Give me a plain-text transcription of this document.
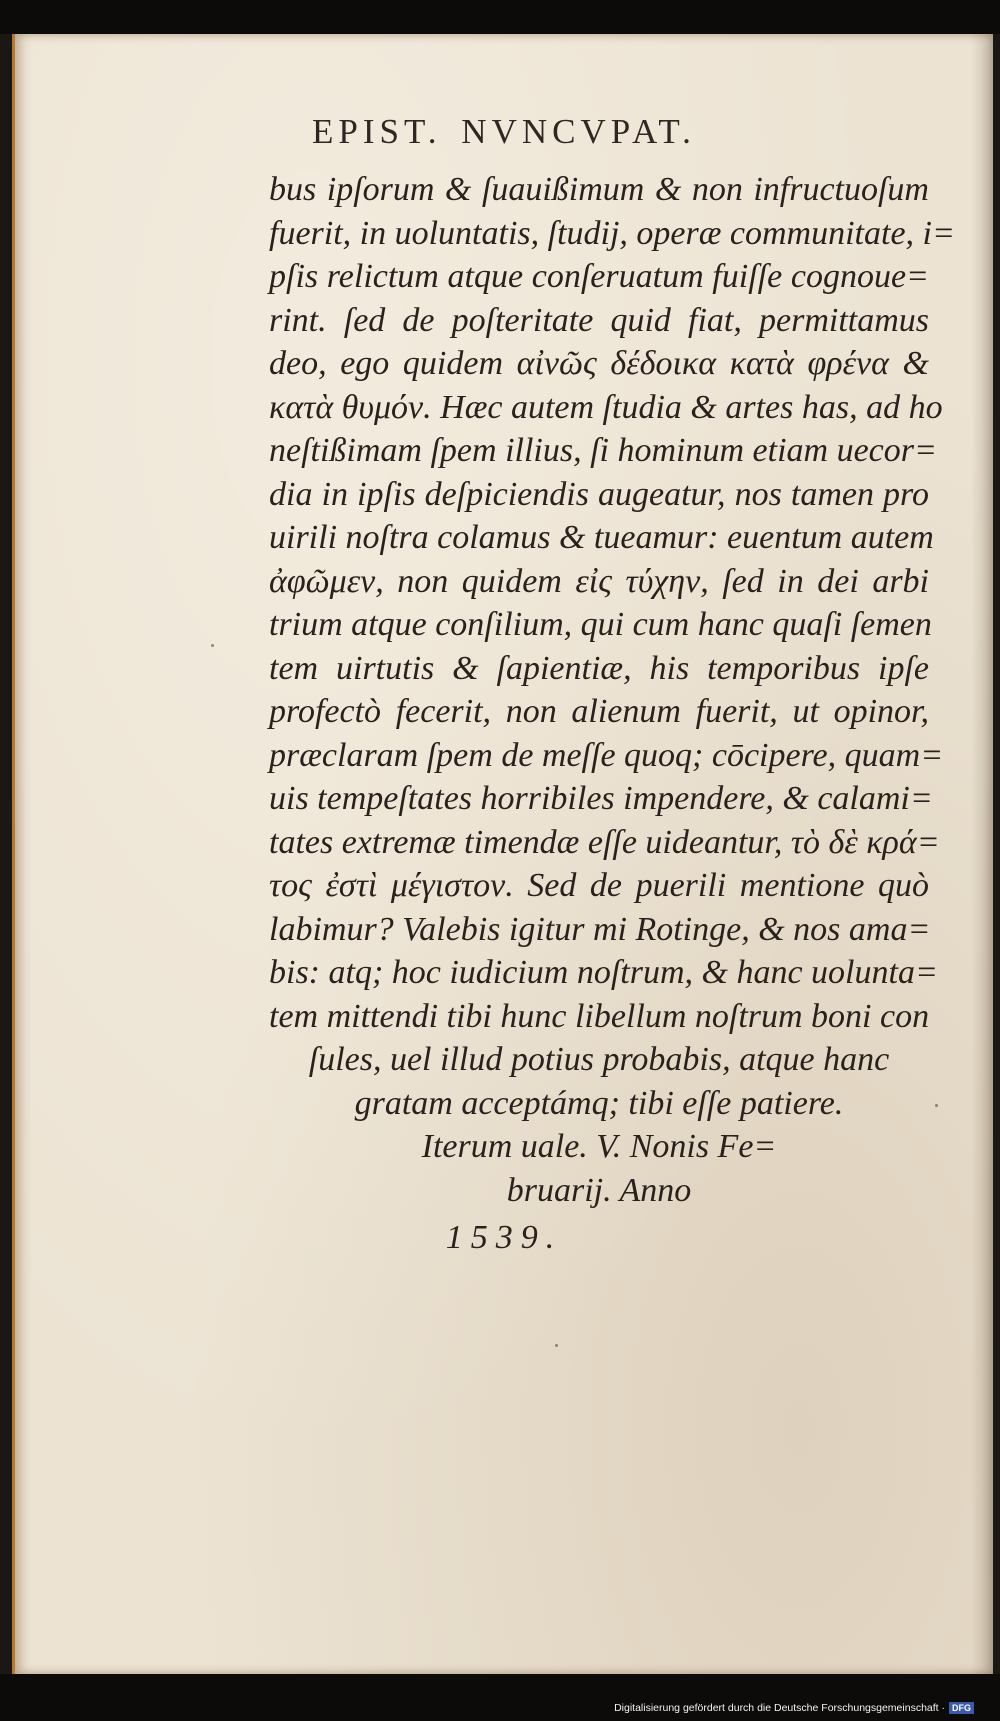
EPIST. NVNCVPAT.
bus ipſorum & ſuauißimum & non infructuoſum
fuerit, in uoluntatis, ſtudij, operæ communitate, i=
pſis relictum atque conſeruatum fuiſſe cognoue=
rint. ſed de poſteritate quid fiat, permittamus
deo, ego quidem αἰνῶς δέδοικα κατὰ φρένα &
κατὰ θυμόν. Hæc autem ſtudia & artes has, ad ho
neſtißimam ſpem illius, ſi hominum etiam uecor=
dia in ipſis deſpiciendis augeatur, nos tamen pro
uirili noſtra colamus & tueamur: euentum autem
ἀφῶμεν, non quidem εἰς τύχην, ſed in dei arbi
trium atque conſilium, qui cum hanc quaſi ſemen
tem uirtutis & ſapientiæ, his temporibus ipſe
profectò fecerit, non alienum fuerit, ut opinor,
præclaram ſpem de meſſe quoq; cōcipere, quam=
uis tempeſtates horribiles impendere, & calami=
tates extremæ timendæ eſſe uideantur, τὸ δὲ κρά=
τος ἐστὶ μέγιστον. Sed de puerili mentione quò
labimur? Valebis igitur mi Rotinge, & nos ama=
bis: atq; hoc iudicium noſtrum, & hanc uolunta=
tem mittendi tibi hunc libellum noſtrum boni con
ſules, uel illud potius probabis, atque hanc
gratam acceptámq; tibi eſſe patiere.
Iterum uale. V. Nonis Fe=
bruarij. Anno
1539.
Digitalisierung gefördert durch die Deutsche Forschungsgemeinschaft · DFG
